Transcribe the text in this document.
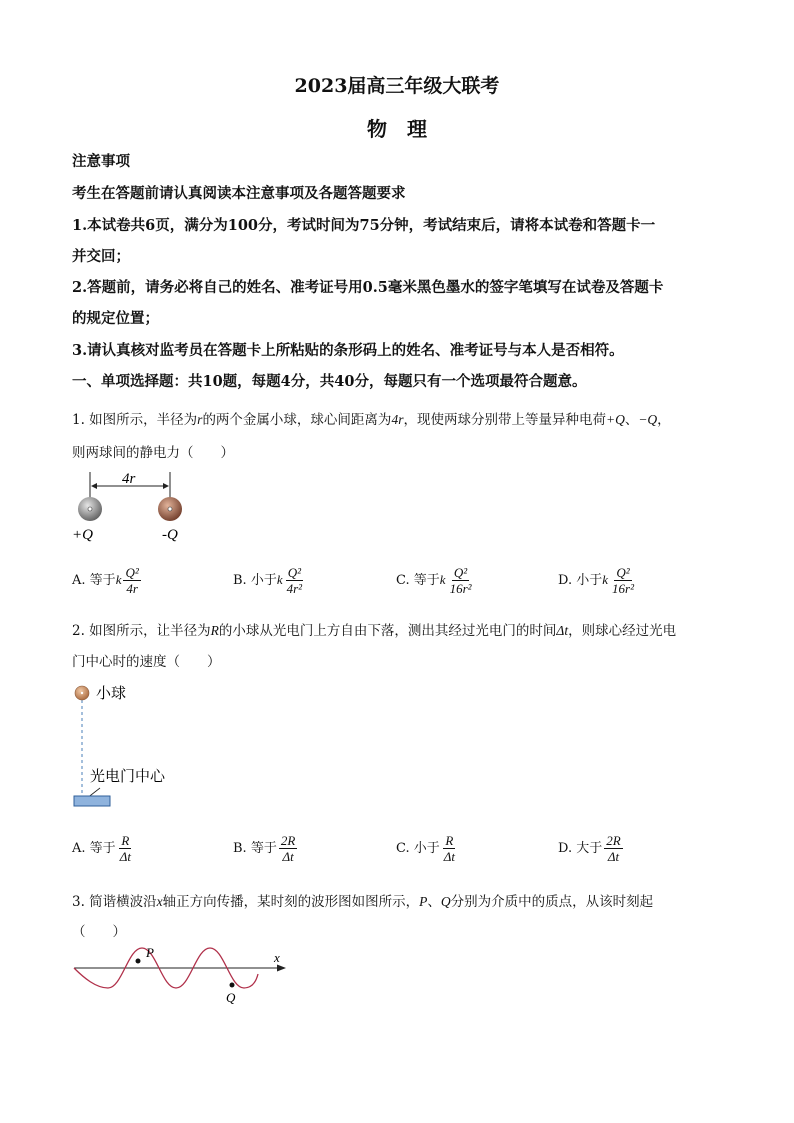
2023届高三年级大联考
物　理
注意事项
考生在答题前请认真阅读本注意事项及各题答题要求
1.本试卷共6页，满分为100分，考试时间为75分钟，考试结束后，请将本试卷和答题卡一
并交回；
2.答题前，请务必将自己的姓名、准考证号用0.5毫米黑色墨水的签字笔填写在试卷及答题卡
的规定位置；
3.请认真核对监考员在答题卡上所粘贴的条形码上的姓名、准考证号与本人是否相符。
一、单项选择题：共10题，每题4分，共40分，每题只有一个选项最符合题意。
1. 如图所示，半径为r的两个金属小球，球心间距离为4r，现使两球分别带上等量异种电荷+Q、−Q，
则两球间的静电力（　　）
4r
+Q	-Q
A. 等于k $\frac{\text{Q²}}{4r}$	B. 小于k $\frac{\text{Q²}}{\text{4r²}}$	C. 等于k $\frac{\text{Q²}}{\text{16r²}}$	D. 小于k $\frac{\text{Q²}}{\text{16r²}}$
2. 如图所示，让半径为R的小球从光电门上方自由下落，测出其经过光电门的时间Δt，则球心经过光电
门中心时的速度（　　）
小球
光电门中心
A. 等于 $\frac{R}{\Delta t}$	B. 等于 $\frac{2R}{\Delta t}$	C. 小于 $\frac{R}{\Delta t}$	D. 大于 $\frac{2R}{\Delta t}$
3. 简谐横波沿x轴正方向传播，某时刻的波形图如图所示，P、Q分别为介质中的质点，从该时刻起
（　　）
x
P
Q
